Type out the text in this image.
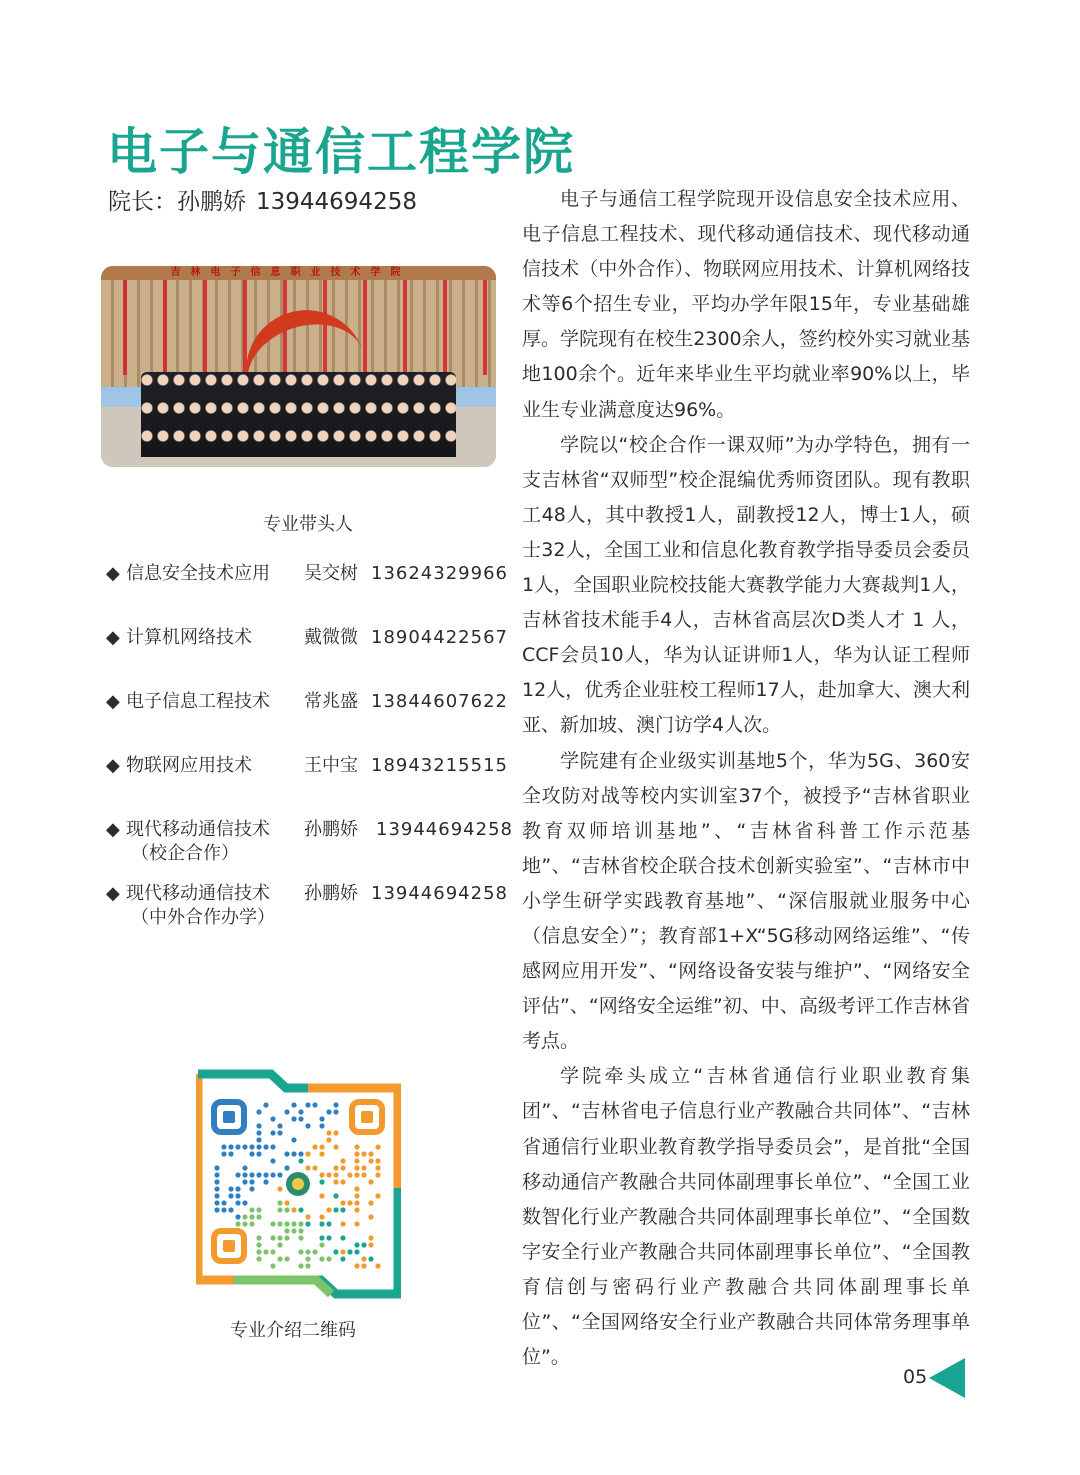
电子与通信工程学院
院长：孙鹏娇 13944694258
吉林电子信息职业技术学院
专业带头人
◆ 信息安全技术应用 吴交树 13624329966
◆ 计算机网络技术	戴微微 18904422567
◆ 电子信息工程技术 常兆盛 13844607622
◆ 物联网应用技术	王中宝 18943215515
◆ 现代移动通信技术
（校企合作）
孙鹏娇 13944694258
◆ 现代移动通信技术
（中外合作办学）
孙鹏娇 13944694258
专业介绍二维码

电子与通信工程学院现开设信息安全技术应用、电子信息工程技术、现代移动通信技术、现代移动通信技术（中外合作）、物联网应用技术、计算机网络技术等6个招生专业，平均办学年限15年，专业基础雄厚。学院现有在校生2300余人，签约校外实习就业基地100余个。近年来毕业生平均就业率90%以上，毕业生专业满意度达96%。

学院以“校企合作一课双师”为办学特色，拥有一支吉林省“双师型”校企混编优秀师资团队。现有教职工48人，其中教授1人，副教授12人，博士1人，硕士32人，全国工业和信息化教育教学指导委员会委员1人，全国职业院校技能大赛教学能力大赛裁判1人，吉林省技术能手4人，吉林省高层次D类人才 1 人，CCF会员10人，华为认证讲师1人，华为认证工程师12人，优秀企业驻校工程师17人，赴加拿大、澳大利亚、新加坡、澳门访学4人次。

学院建有企业级实训基地5个，华为5G、360安全攻防对战等校内实训室37个，被授予“吉林省职业教育双师培训基地”、“吉林省科普工作示范基地”、“吉林省校企联合技术创新实验室”、“吉林市中小学生研学实践教育基地”、“深信服就业服务中心（信息安全）”；教育部1+X“5G移动网络运维”、“传感网应用开发”、“网络设备安装与维护”、“网络安全评估”、“网络安全运维”初、中、高级考评工作吉林省考点。

学院牵头成立“吉林省通信行业职业教育集团”、“吉林省电子信息行业产教融合共同体”、“吉林省通信行业职业教育教学指导委员会”，是首批“全国移动通信产教融合共同体副理事长单位”、“全国工业数智化行业产教融合共同体副理事长单位”、“全国数字安全行业产教融合共同体副理事长单位”、“全国教育信创与密码行业产教融合共同体副理事长单位”、“全国网络安全行业产教融合共同体常务理事单位”。

05
